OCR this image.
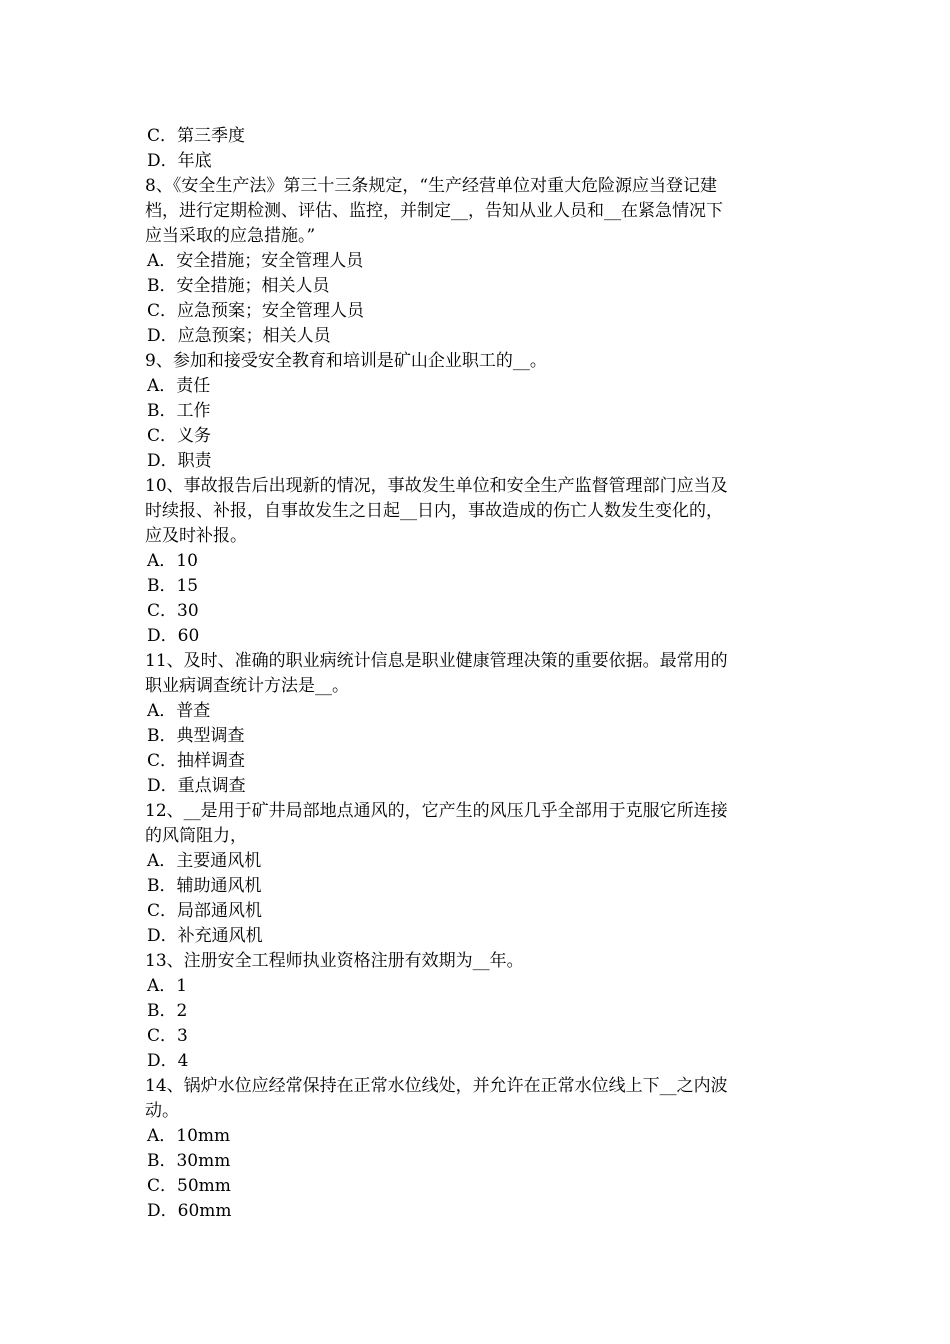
C．第三季度
D．年底
8、《安全生产法》第三十三条规定，“生产经营单位对重大危险源应当登记建
档，进行定期检测、评估、监控，并制定__，告知从业人员和__在紧急情况下
应当采取的应急措施。”
A．安全措施；安全管理人员
B．安全措施；相关人员
C．应急预案；安全管理人员
D．应急预案；相关人员
9、参加和接受安全教育和培训是矿山企业职工的__。
A．责任
B．工作
C．义务
D．职责
10、事故报告后出现新的情况，事故发生单位和安全生产监督管理部门应当及
时续报、补报，自事故发生之日起__日内，事故造成的伤亡人数发生变化的，
应及时补报。
A．10
B．15
C．30
D．60
11、及时、准确的职业病统计信息是职业健康管理决策的重要依据。最常用的
职业病调查统计方法是__。
A．普查
B．典型调查
C．抽样调查
D．重点调查
12、__是用于矿井局部地点通风的，它产生的风压几乎全部用于克服它所连接
的风筒阻力，
A．主要通风机
B．辅助通风机
C．局部通风机
D．补充通风机
13、注册安全工程师执业资格注册有效期为__年。
A．1
B．2
C．3
D．4
14、锅炉水位应经常保持在正常水位线处，并允许在正常水位线上下__之内波
动。
A．10mm
B．30mm
C．50mm
D．60mm
